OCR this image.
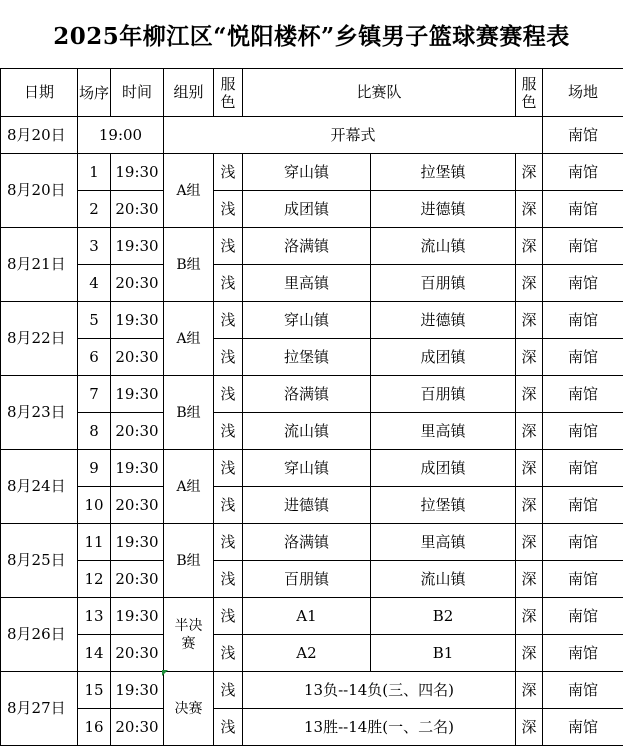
2025年柳江区“悦阳楼杯”乡镇男子篮球赛赛程表
日期	场序	时间	组别	服色	比赛队		服色	场地
8月20日	19:00		开幕式					南馆
8月20日	1	19:30	A组	浅	穿山镇	拉堡镇	深	南馆
	2	20:30		浅	成团镇	进德镇	深	南馆
8月21日	3	19:30	B组	浅	洛满镇	流山镇	深	南馆
	4	20:30		浅	里高镇	百朋镇	深	南馆
8月22日	5	19:30	A组	浅	穿山镇	进德镇	深	南馆
	6	20:30		浅	拉堡镇	成团镇	深	南馆
8月23日	7	19:30	B组	浅	洛满镇	百朋镇	深	南馆
	8	20:30		浅	流山镇	里高镇	深	南馆
8月24日	9	19:30	A组	浅	穿山镇	成团镇	深	南馆
	10	20:30		浅	进德镇	拉堡镇	深	南馆
8月25日	11	19:30	B组	浅	洛满镇	里高镇	深	南馆
	12	20:30		浅	百朋镇	流山镇	深	南馆
8月26日	13	19:30	半决赛	浅	A1	B2	深	南馆
	14	20:30		浅	A2	B1	深	南馆
8月27日	15	19:30	决赛	浅	13负--14负(三、四名)		深	南馆
	16	20:30		浅	13胜--14胜(一、二名)		深	南馆
